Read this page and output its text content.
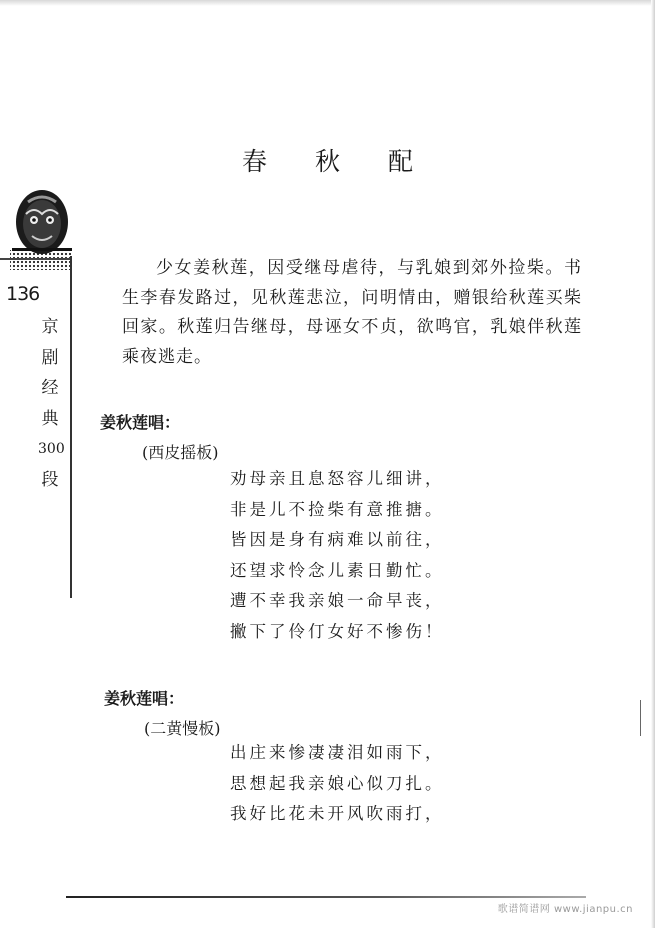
春 秋 配
136
京
剧
经
典
300
段
少女姜秋莲，因受继母虐待，与乳娘到郊外捡柴。书生李春发路过，见秋莲悲泣，问明情由，赠银给秋莲买柴回家。秋莲归告继母，母诬女不贞，欲鸣官，乳娘伴秋莲乘夜逃走。
姜秋莲唱：
(西皮摇板)
劝母亲且息怒容儿细讲，
非是儿不捡柴有意推搪。
皆因是身有病难以前往，
还望求怜念儿素日勤忙。
遭不幸我亲娘一命早丧，
撇下了伶仃女好不惨伤！
姜秋莲唱：
(二黄慢板)
出庄来惨凄凄泪如雨下，
思想起我亲娘心似刀扎。
我好比花未开风吹雨打，
歌谱简谱网 www.jianpu.cn
